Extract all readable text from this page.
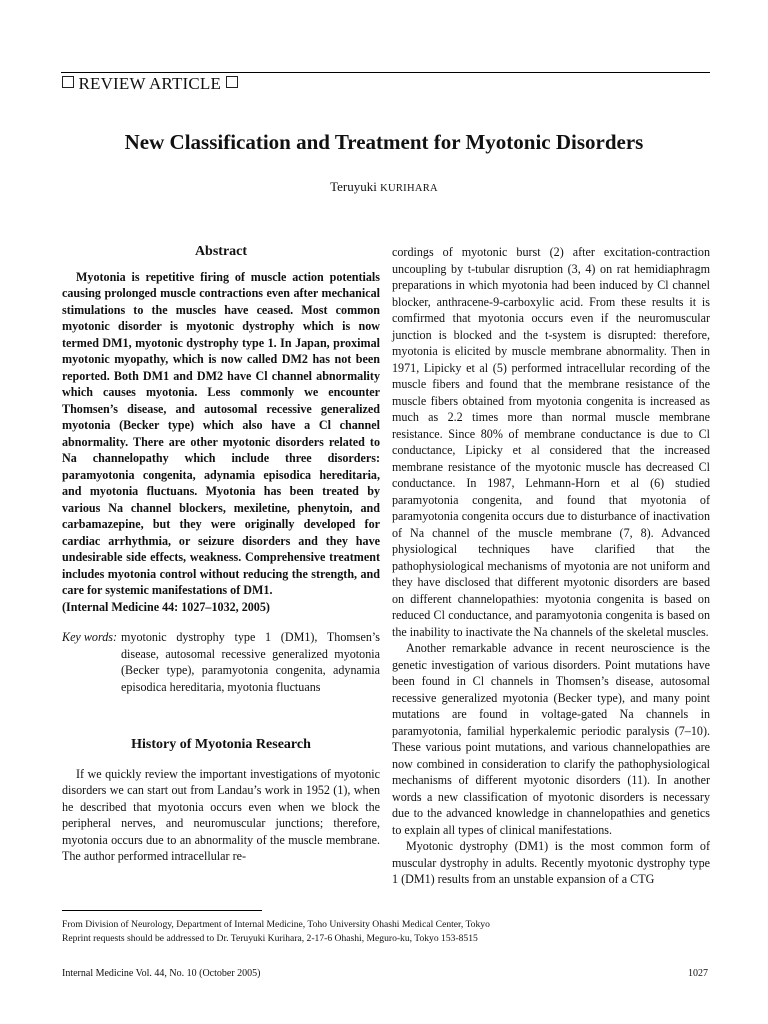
REVIEW ARTICLE
New Classification and Treatment for Myotonic Disorders
Teruyuki KURIHARA
Abstract

Myotonia is repetitive firing of muscle action potentials causing prolonged muscle contractions even after mechanical stimulations to the muscles have ceased. Most common myotonic disorder is myotonic dystrophy which is now termed DM1, myotonic dystrophy type 1. In Japan, proximal myotonic myopathy, which is now called DM2 has not been reported. Both DM1 and DM2 have Cl channel abnormality which causes myotonia. Less commonly we encounter Thomsen’s disease, and autosomal recessive generalized myotonia (Becker type) which also have a Cl channel abnormality. There are other myotonic disorders related to Na channelopathy which include three disorders: paramyotonia congenita, adynamia episodica hereditaria, and myotonia fluctuans. Myotonia has been treated by various Na channel blockers, mexiletine, phenytoin, and carbamazepine, but they were originally developed for cardiac arrhythmia, or seizure disorders and they have undesirable side effects, weakness. Comprehensive treatment includes myotonia control without reducing the strength, and care for systemic manifestations of DM1.

(Internal Medicine 44: 1027–1032, 2005)

Key words: myotonic dystrophy type 1 (DM1), Thomsen’s disease, autosomal recessive generalized myotonia (Becker type), paramyotonia congenita, adynamia episodica hereditaria, myotonia fluctuans
History of Myotonia Research

If we quickly review the important investigations of myotonic disorders we can start out from Landau’s work in 1952 (1), when he described that myotonia occurs even when we block the peripheral nerves, and neuromuscular junctions; therefore, myotonia occurs due to an abnormality of the muscle membrane. The author performed intracellular re-

cordings of myotonic burst (2) after excitation-contraction uncoupling by t-tubular disruption (3, 4) on rat hemidiaphragm preparations in which myotonia had been induced by Cl channel blocker, anthracene-9-carboxylic acid. From these results it is comfirmed that myotonia occurs even if the neuromuscular junction is blocked and the t-system is disrupted: therefore, myotonia is elicited by muscle membrane abnormality. Then in 1971, Lipicky et al (5) performed intracellular recording of the muscle fibers and found that the membrane resistance of the muscle fibers obtained from myotonia congenita is increased as much as 2.2 times more than normal muscle membrane resistance. Since 80% of membrane conductance is due to Cl conductance, Lipicky et al considered that the increased membrane resistance of the myotonic muscle has decreased Cl conductance. In 1987, Lehmann-Horn et al (6) studied paramyotonia congenita, and found that myotonia of paramyotonia congenita occurs due to disturbance of inactivation of Na channel of the muscle membrane (7, 8). Advanced physiological techniques have clarified that the pathophysiological mechanisms of myotonia are not uniform and they have disclosed that different myotonic disorders are based on different channelopathies: myotonia congenita is based on reduced Cl conductance, and paramyotonia congenita is based on the inability to inactivate the Na channels of the skeletal muscles.

Another remarkable advance in recent neuroscience is the genetic investigation of various disorders. Point mutations have been found in Cl channels in Thomsen’s disease, autosomal recessive generalized myotonia (Becker type), and many point mutations are found in voltage-gated Na channels in paramyotonia, familial hyperkalemic periodic paralysis (7–10). These various point mutations, and various channelopathies are now combined in consideration to clarify the pathophysiological mechanisms of different myotonic disorders (11). In another words a new classification of myotonic disorders is necessary due to the advanced knowledge in channelopathies and genetics to explain all types of clinical manifestations.

Myotonic dystrophy (DM1) is the most common form of muscular dystrophy in adults. Recently myotonic dystrophy type 1 (DM1) results from an unstable expansion of a CTG

From Division of Neurology, Department of Internal Medicine, Toho University Ohashi Medical Center, Tokyo
Reprint requests should be addressed to Dr. Teruyuki Kurihara, 2-17-6 Ohashi, Meguro-ku, Tokyo 153-8515
Internal Medicine Vol. 44, No. 10 (October 2005)	1027
